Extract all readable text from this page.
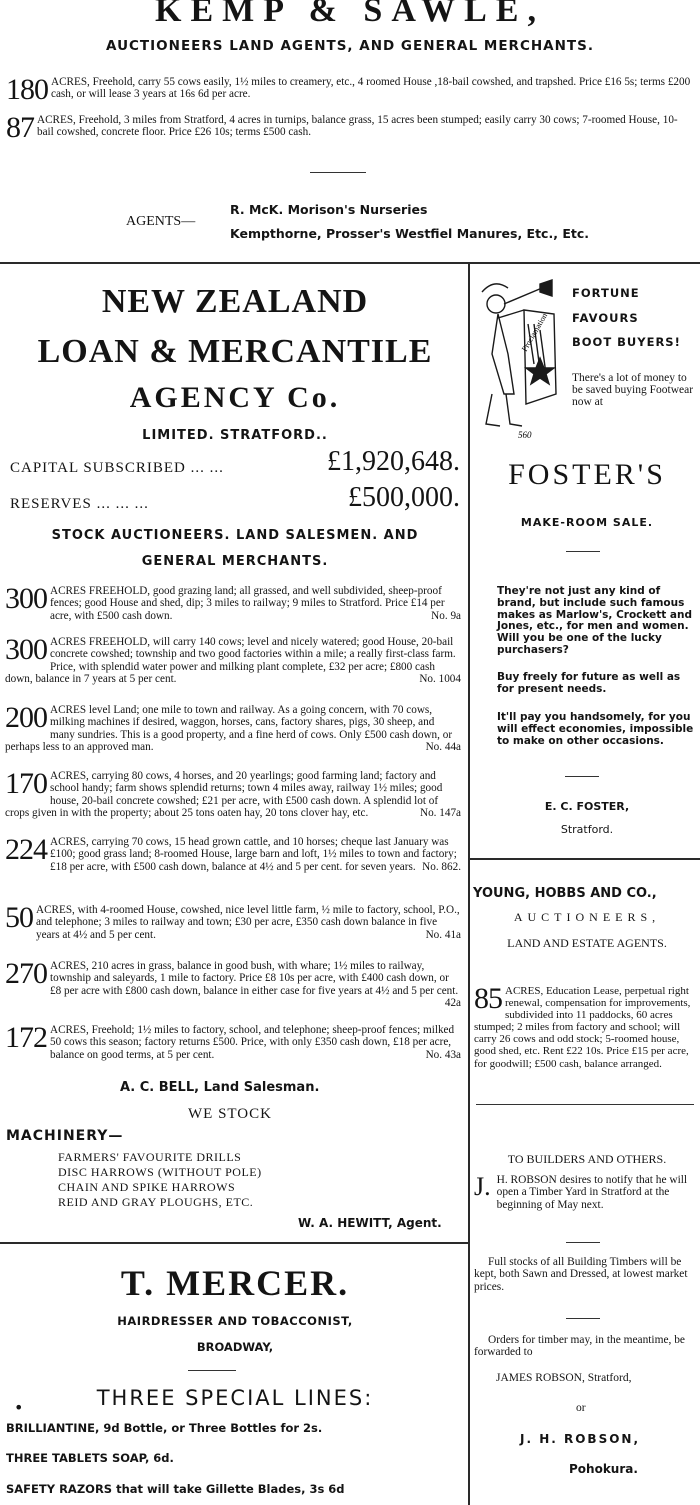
KEMP & SAWLE,
AUCTIONEERS LAND AGENTS, AND GENERAL MERCHANTS.
180 ACRES, Freehold, carry 55 cows easily, 1½ miles to creamery, etc., 4 roomed House ,18-bail cowshed, and trapshed. Price £16 5s; terms £200 cash, or will lease 3 years at 16s 6d per acre.
87 ACRES, Freehold, 3 miles from Stratford, 4 acres in turnips, balance grass, 15 acres been stumped; easily carry 30 cows; 7-roomed House, 10-bail cowshed, concrete floor. Price £26 10s; terms £500 cash.
AGENTS—
R. McK. Morison's Nurseries
Kempthorne, Prosser's Westfiel Manures, Etc., Etc.
NEW ZEALAND
LOAN & MERCANTILE
AGENCY Co.
LIMITED. STRATFORD..
CAPITAL SUBSCRIBED ... ...	£1,920,648.
RESERVES ... ... ...	£500,000.
STOCK AUCTIONEERS. LAND SALESMEN. AND
GENERAL MERCHANTS.
300 ACRES FREEHOLD, good grazing land; all grassed, and well subdivided, sheep-proof fences; good House and shed, dip; 3 miles to railway; 9 miles to Stratford. Price £14 per acre, with £500 cash down.	No. 9a
300 ACRES FREEHOLD, will carry 140 cows; level and nicely watered; good House, 20-bail concrete cowshed; township and two good factories within a mile; a really first-class farm. Price, with splendid water power and milking plant complete, £32 per acre; £800 cash down, balance in 7 years at 5 per cent.	No. 1004
200 ACRES level Land; one mile to town and railway. As a going concern, with 70 cows, milking machines if desired, waggon, horses, cans, factory shares, pigs, 30 sheep, and many sundries. This is a good property, and a fine herd of cows. Only £500 cash down, or perhaps less to an approved man.	No. 44a
170 ACRES, carrying 80 cows, 4 horses, and 20 yearlings; good farming land; factory and school handy; farm shows splendid returns; town 4 miles away, railway 1½ miles; good house, 20-bail concrete cowshed; £21 per acre, with £500 cash down. A splendid lot of crops given in with the property; about 25 tons oaten hay, 20 tons clover hay, etc.	No. 147a
224 ACRES, carrying 70 cows, 15 head grown cattle, and 10 horses; cheque last January was £100; good grass land; 8-roomed House, large barn and loft, 1½ miles to town and factory; £18 per acre, with £500 cash down, balance at 4½ and 5 per cent. for seven years. No. 862.
50 ACRES, with 4-roomed House, cowshed, nice level little farm, ½ mile to factory, school, P.O., and telephone; 3 miles to railway and town; £30 per acre, £350 cash down balance in five years at 4½ and 5 per cent.	No. 41a
270 ACRES, 210 acres in grass, balance in good bush, with whare; 1½ miles to railway, township and saleyards, 1 mile to factory. Price £8 10s per acre, with £400 cash down, or £8 per acre with £800 cash down, balance in either case for five years at 4½ and 5 per cent.
42a
172 ACRES, Freehold; 1½ miles to factory, school, and telephone; sheep-proof fences; milked 50 cows this season; factory returns £500. Price, with only £350 cash down, £18 per acre, balance on good terms, at 5 per cent.	No. 43a
A. C. BELL, Land Salesman.
WE STOCK
MACHINERY—
FARMERS' FAVOURITE DRILLS
DISC HARROWS (WITHOUT POLE)
CHAIN AND SPIKE HARROWS
REID AND GRAY PLOUGHS, ETC.
W. A. HEWITT, Agent.
T. MERCER.
HAIRDRESSER AND TOBACCONIST,
BROADWAY,
•	THREE SPECIAL LINES:
BRILLIANTINE, 9d Bottle, or Three Bottles for 2s.
THREE TABLETS SOAP, 6d.
SAFETY RAZORS that will take Gillette Blades, 3s 6d
Proclamation
560
FORTUNE
FAVOURS
BOOT BUYERS!
There's a lot of money to be saved buying Footwear now at
FOSTER'S
MAKE-ROOM SALE.
They're not just any kind of brand, but include such famous makes as Marlow's, Crockett and Jones, etc., for men and women. Will you be one of the lucky purchasers?
Buy freely for future as well as for present needs.
It'll pay you handsomely, for you will effect economies, impossible to make on other occasions.
E. C. FOSTER,
Stratford.
YOUNG, HOBBS AND CO.,
AUCTIONEERS,
LAND AND ESTATE AGENTS.
85 ACRES, Education Lease, perpetual right renewal, compensation for improvements, subdivided into 11 paddocks, 60 acres stumped; 2 miles from factory and school; will carry 26 cows and odd stock; 5-roomed house, good shed, etc. Rent £22 10s. Price £15 per acre, for goodwill; £500 cash, balance arranged.
TO BUILDERS AND OTHERS.
J. H. ROBSON desires to notify that he will open a Timber Yard in Stratford at the beginning of May next.
Full stocks of all Building Timbers will be kept, both Sawn and Dressed, at lowest market prices.
Orders for timber may, in the meantime, be forwarded to
JAMES ROBSON, Stratford,
or
J. H. ROBSON,
Pohokura.
